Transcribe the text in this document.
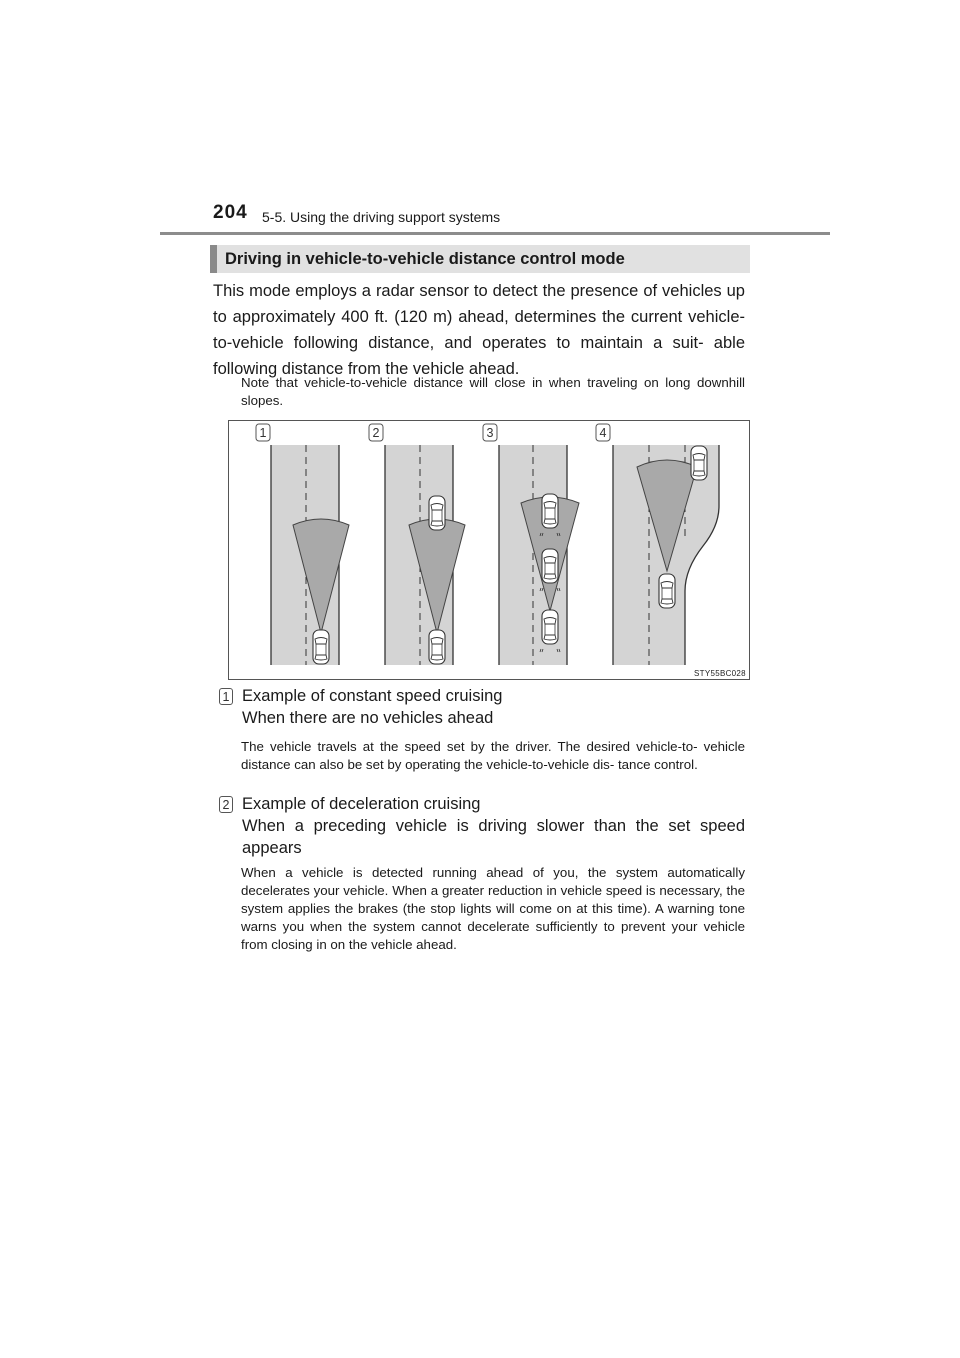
204 5-5. Using the driving support systems
Driving in vehicle-to-vehicle distance control mode
This mode employs a radar sensor to detect the presence of vehicles up to approximately 400 ft. (120 m) ahead, determines the current vehicle-to-vehicle following distance, and operates to maintain a suit- able following distance from the vehicle ahead.
Note that vehicle-to-vehicle distance will close in when traveling on long downhill slopes.
1	2	3	4
STY55BC028
1 Example of constant speed cruising
When there are no vehicles ahead
The vehicle travels at the speed set by the driver. The desired vehicle-to- vehicle distance can also be set by operating the vehicle-to-vehicle dis- tance control.
2 Example of deceleration cruising
When a preceding vehicle is driving slower than the set speed
appears
When a vehicle is detected running ahead of you, the system automatically decelerates your vehicle. When a greater reduction in vehicle speed is necessary, the system applies the brakes (the stop lights will come on at this time). A warning tone warns you when the system cannot decelerate sufficiently to prevent your vehicle from closing in on the vehicle ahead.
